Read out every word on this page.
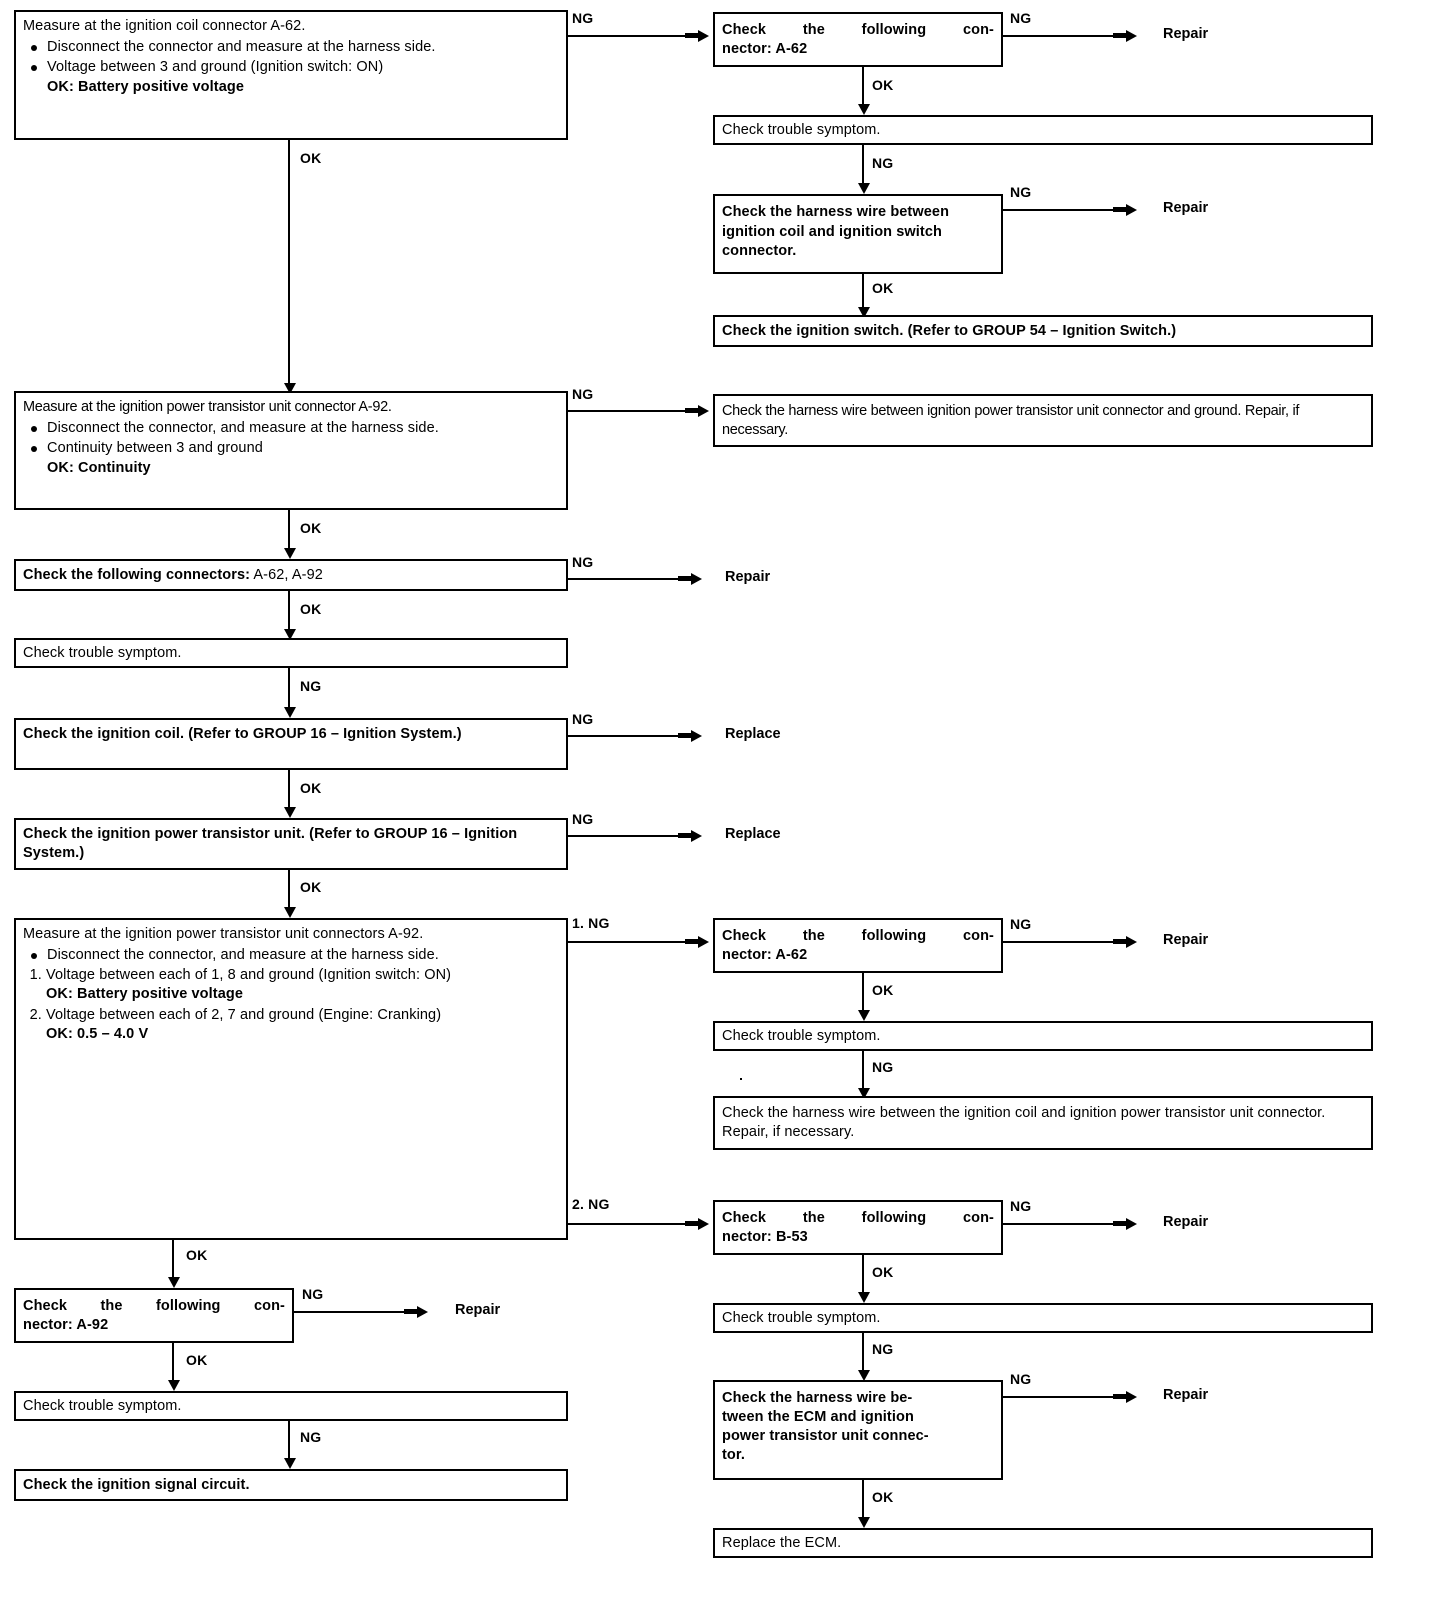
Measure at the ignition coil connector A-62.
Disconnect the connector and measure at the harness side.
Voltage between 3 and ground (Ignition switch: ON)
OK: Battery positive voltage
NG
OK
Check the following con-
nector: A-62
NG
Repair
OK
Check trouble symptom.
NG
Check the harness wire between ignition coil and ignition switch connector.
NG
Repair
OK
Check the ignition switch. (Refer to GROUP 54 – Ignition Switch.)
Measure at the ignition power transistor unit connector A-92.
Disconnect the connector, and measure at the harness side.
Continuity between 3 and ground
OK: Continuity
NG
Check the harness wire between ignition power transistor unit connector and ground. Repair, if necessary.
OK
Check the following connectors: A-62, A-92
NG
Repair
OK
Check trouble symptom.
NG
Check the ignition coil. (Refer to GROUP 16 – Ignition System.)
NG
Replace
OK
Check the ignition power transistor unit. (Refer to GROUP 16 – Ignition System.)
NG
Replace
OK
Measure at the ignition power transistor unit connectors A-92.
Disconnect the connector, and measure at the harness side.
1. Voltage between each of 1, 8 and ground (Ignition switch: ON)
OK: Battery positive voltage
2. Voltage between each of 2, 7 and ground (Engine: Cranking)
OK: 0.5 – 4.0 V
1. NG
2. NG
OK
Check the following con-
nector: A-62
NG
Repair
OK
Check trouble symptom.
NG
Check the harness wire between the ignition coil and ignition power transistor unit connector. Repair, if necessary.
Check the following con-
nector: B-53
NG
Repair
OK
Check trouble symptom.
NG
Check the harness wire be-
tween the ECM and ignition
power transistor unit connec-
tor.
NG
Repair
OK
Replace the ECM.
Check the following con-
nector: A-92
NG
Repair
OK
Check trouble symptom.
NG
Check the ignition signal circuit.
